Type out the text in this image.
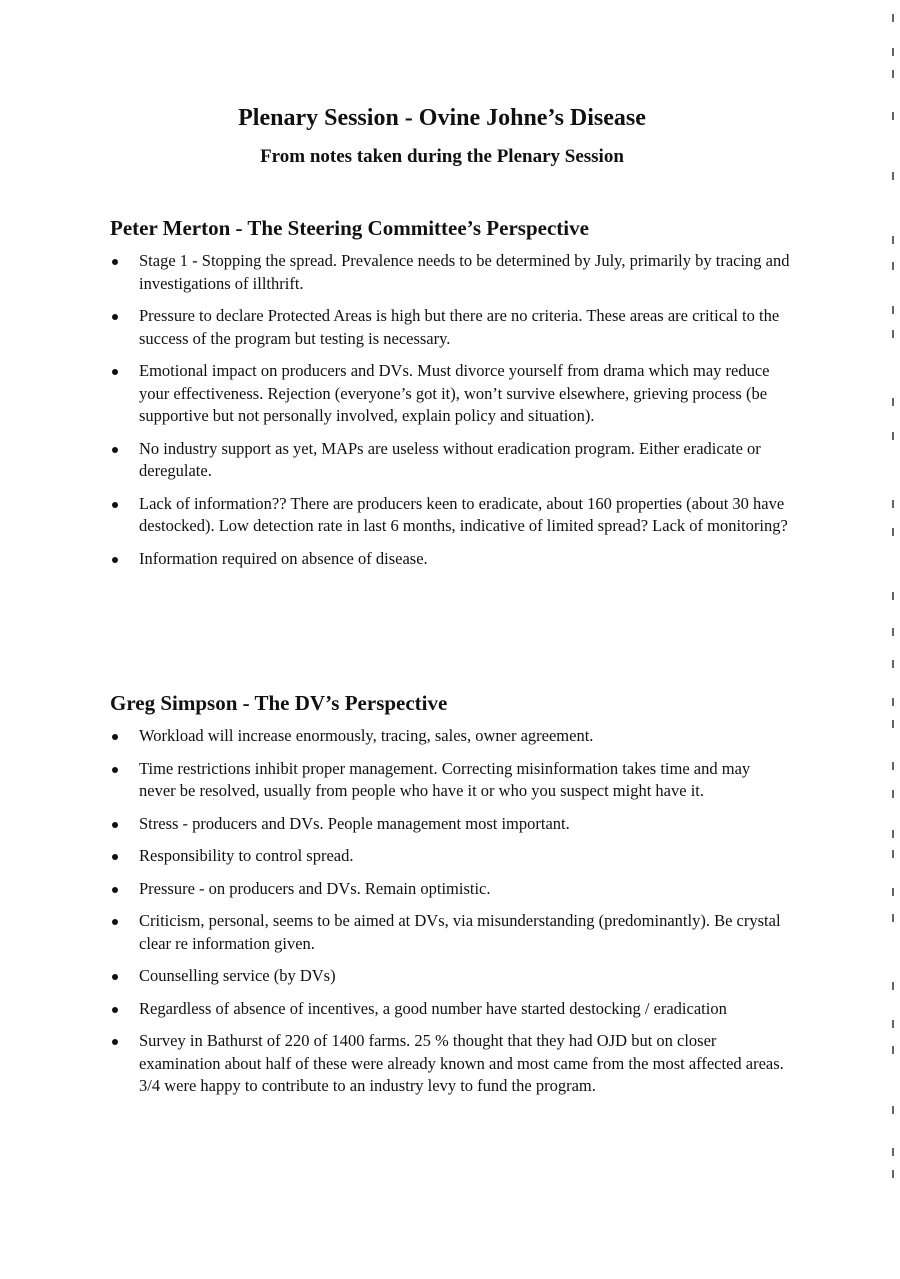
Plenary Session - Ovine Johne’s Disease
From notes taken during the Plenary Session
Peter Merton - The Steering Committee’s Perspective
Stage 1 - Stopping the spread. Prevalence needs to be determined by July, primarily by tracing and investigations of illthrift.
Pressure to declare Protected Areas is high but there are no criteria. These areas are critical to the success of the program but testing is necessary.
Emotional impact on producers and DVs. Must divorce yourself from drama which may reduce your effectiveness. Rejection (everyone’s got it), won’t survive elsewhere, grieving process (be supportive but not personally involved, explain policy and situation).
No industry support as yet, MAPs are useless without eradication program. Either eradicate or deregulate.
Lack of information?? There are producers keen to eradicate, about 160 properties (about 30 have destocked). Low detection rate in last 6 months, indicative of limited spread? Lack of monitoring?
Information required on absence of disease.
Greg Simpson - The DV’s Perspective
Workload will increase enormously, tracing, sales, owner agreement.
Time restrictions inhibit proper management. Correcting misinformation takes time and may never be resolved, usually from people who have it or who you suspect might have it.
Stress - producers and DVs. People management most important.
Responsibility to control spread.
Pressure - on producers and DVs. Remain optimistic.
Criticism, personal, seems to be aimed at DVs, via misunderstanding (predominantly). Be crystal clear re information given.
Counselling service (by DVs)
Regardless of absence of incentives, a good number have started destocking / eradication
Survey in Bathurst of 220 of 1400 farms. 25 % thought that they had OJD but on closer examination about half of these were already known and most came from the most affected areas. 3/4 were happy to contribute to an industry levy to fund the program.
